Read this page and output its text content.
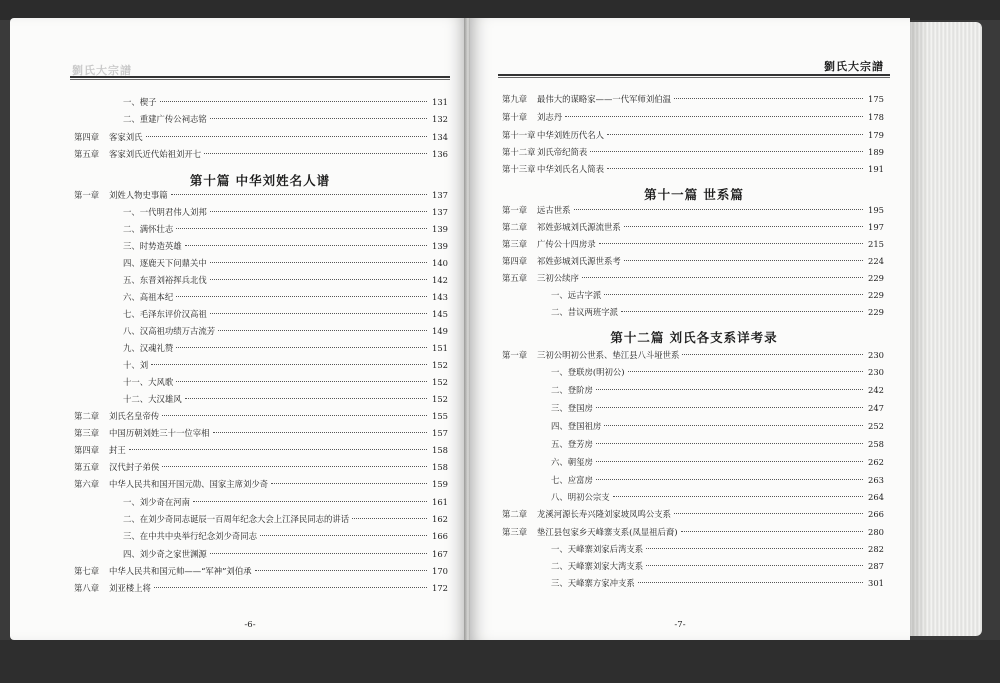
劉氏大宗譜
一、楔子	131
二、重建广传公祠志铭	132
第四章	客家刘氏	134
第五章	客家刘氏近代始祖刘开七	136
第十篇 中华刘姓名人谱
第一章	刘姓人物史事篇	137
一、一代明君伟人刘邦	137
二、满怀壮志	139
三、时势造英雄	139
四、逐鹿天下问鼎关中	140
五、东晋刘裕挥兵北伐	142
六、高祖本纪	143
七、毛泽东评价汉高祖	145
八、汉高祖功绩万古流芳	149
九、汉魂礼赞	151
十、刘	152
十一、大风歌	152
十二、大汉雄风	152
第二章	刘氏名皇帝传	155
第三章	中国历朝刘姓三十一位宰相	157
第四章	封王	158
第五章	汉代封子弟侯	158
第六章	中华人民共和国开国元勋、国家主席刘少奇	159
一、刘少奇在河南	161
二、在刘少奇同志诞辰一百周年纪念大会上江泽民同志的讲话	162
三、在中共中央举行纪念刘少奇同志	166
四、刘少奇之家世渊源	167
第七章	中华人民共和国元帅——“军神”刘伯承	170
第八章	刘亚楼上将	172
-6-
劉氏大宗譜
第九章	最伟大的谋略家——一代军师刘伯温	175
第十章	刘志丹	178
第十一章 中华刘姓历代名人	179
第十二章 刘氏帝纪简表	189
第十三章 中华刘氏名人简表	191
第十一篇 世系篇
第一章	远古世系	195
第二章	祁姓彭城刘氏源流世系	197
第三章	广传公十四房录	215
第四章	祁姓彭城刘氏源世系考	224
第五章	三初公续序	229
一、远古字派	229
二、昔议两班字派	229
第十二篇 刘氏各支系详考录
第一章	三初公明初公世系、垫江县八斗垭世系	230
一、登联房(明初公)	230
二、登阶房	242
三、登国房	247
四、登国祖房	252
五、登芳房	258
六、朝玺房	262
七、应富房	263
八、明初公宗支	264
第二章	龙溪河源长寿兴隆刘家坡凤鸣公支系	266
第三章	垫江县包家乡天峰寨支系(凤显祖后裔)	280
一、天峰寨刘家后湾支系	282
二、天峰寨刘家大湾支系	287
三、天峰寨方家冲支系	301
-7-
